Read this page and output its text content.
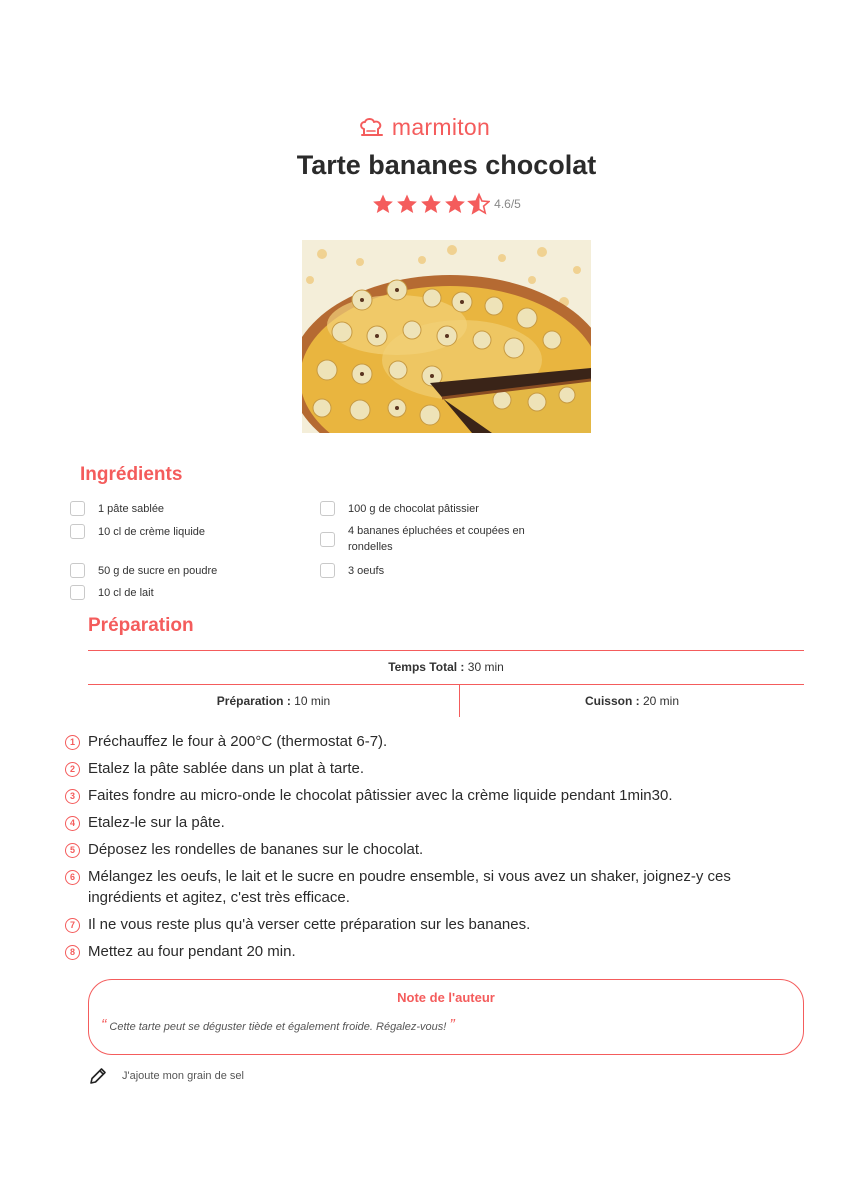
marmiton
Tarte bananes chocolat
4.6/5
Ingrédients
1 pâte sablée	100 g de chocolat pâtissier
10 cl de crème liquide	4 bananes épluchées et coupées en rondelles
50 g de sucre en poudre	3 oeufs
10 cl de lait
Préparation
Temps Total : 30 min
Préparation : 10 min	Cuisson : 20 min
1 Préchauffez le four à 200°C (thermostat 6-7).
2 Etalez la pâte sablée dans un plat à tarte.
3 Faites fondre au micro-onde le chocolat pâtissier avec la crème liquide pendant 1min30.
4 Etalez-le sur la pâte.
5 Déposez les rondelles de bananes sur le chocolat.
6 Mélangez les oeufs, le lait et le sucre en poudre ensemble, si vous avez un shaker, joignez-y ces ingrédients et agitez, c'est très efficace.
7 Il ne vous reste plus qu'à verser cette préparation sur les bananes.
8 Mettez au four pendant 20 min.
Note de l'auteur
“ Cette tarte peut se déguster tiède et également froide. Régalez-vous! ”
J'ajoute mon grain de sel
